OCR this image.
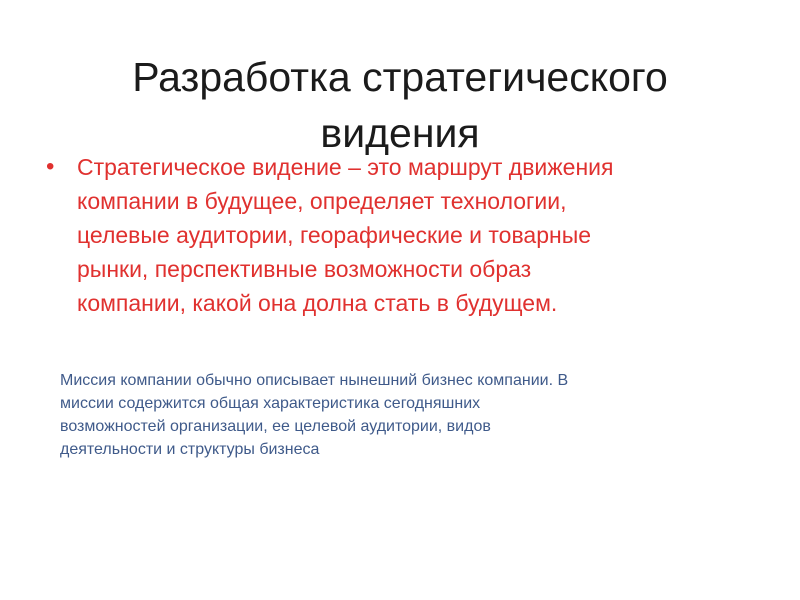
Разработка стратегического
видения
• Стратегическое видение – это маршрут движения
компании в будущее, определяет технологии,
целевые аудитории, георафические и товарные
рынки, перспективные возможности образ
компании, какой она долна стать в будущем.
Миссия компании обычно описывает нынешний бизнес компании. В
миссии содержится общая характеристика сегодняшних
возможностей организации, ее целевой аудитории, видов
деятельности и структуры бизнеса
